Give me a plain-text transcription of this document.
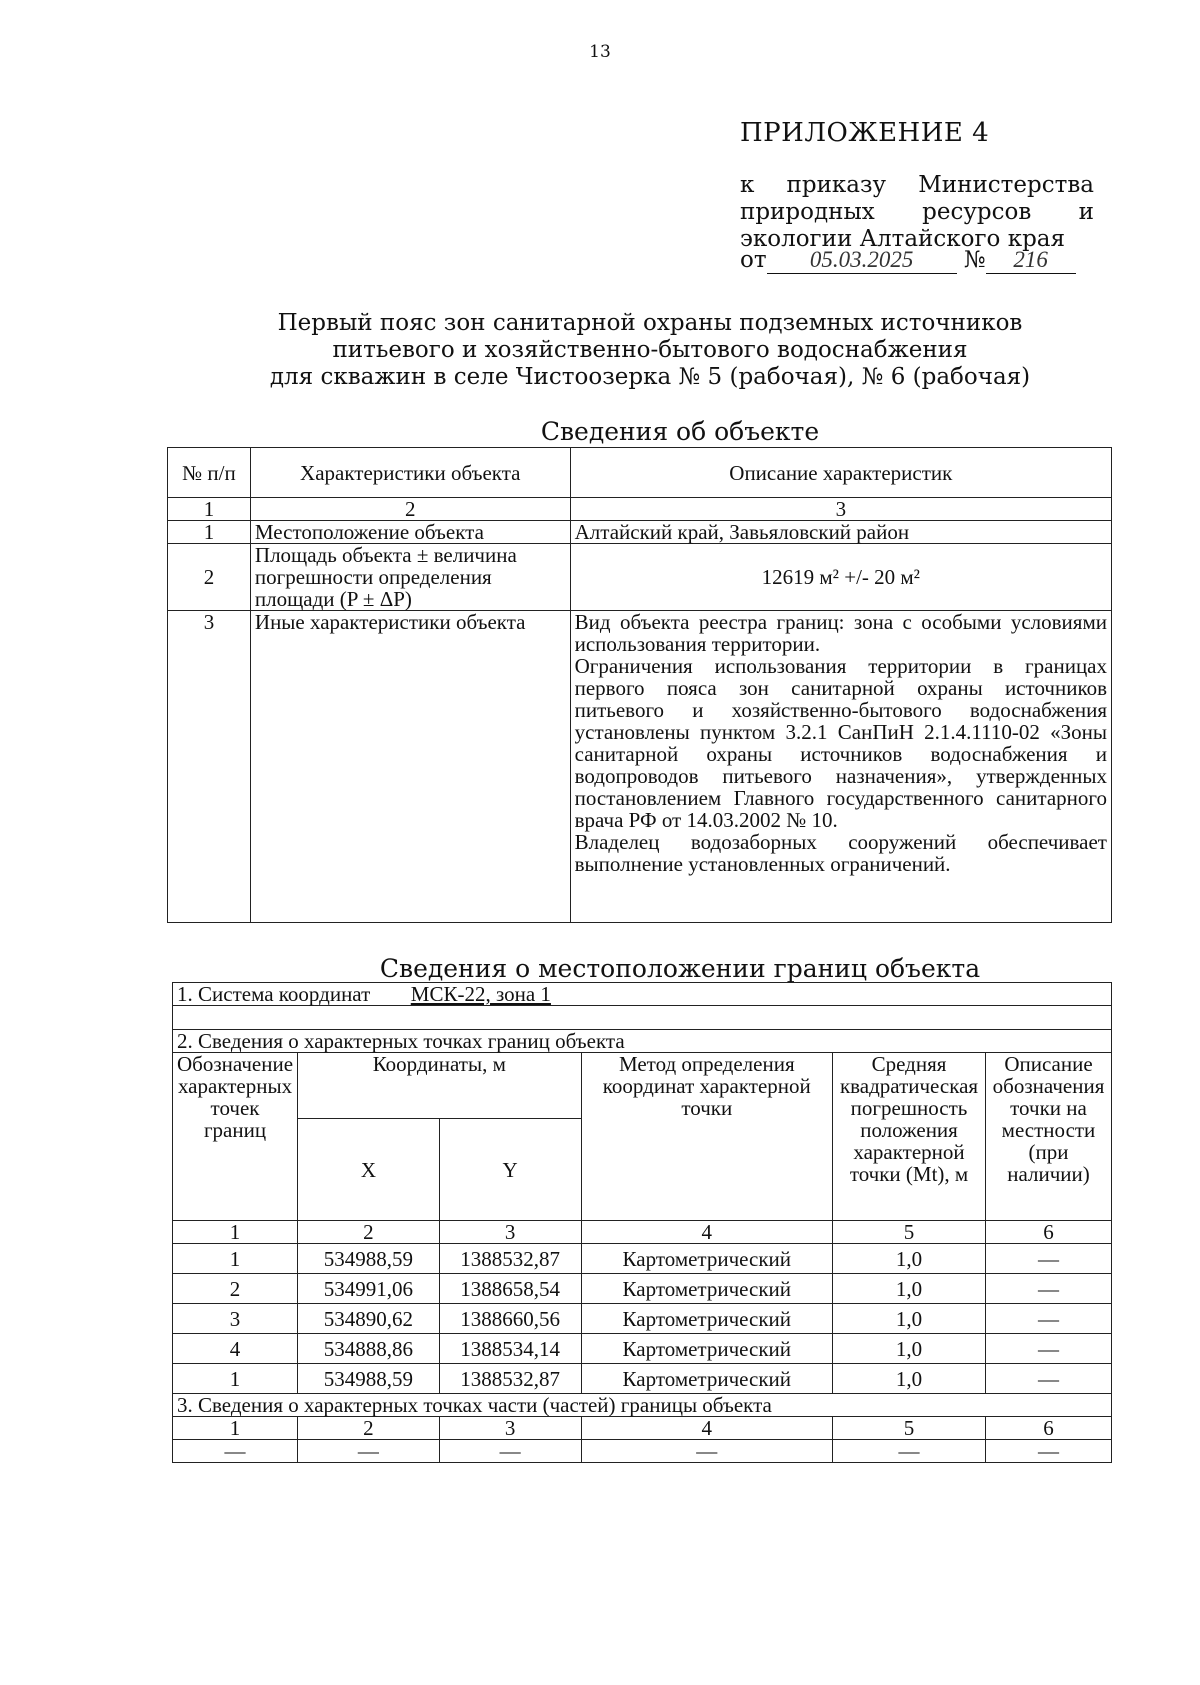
13
ПРИЛОЖЕНИЕ 4
к приказу Министерства природных ресурсов и экологии Алтайского края
от 05.03.2025 № 216
Первый пояс зон санитарной охраны подземных источников
питьевого и хозяйственно-бытового водоснабжения
для скважин в селе Чистоозерка № 5 (рабочая), № 6 (рабочая)
Сведения об объекте
№ п/п	Характеристики объекта	Описание характеристик
1	2	3
1	Местоположение объекта	Алтайский край, Завьяловский район
2	Площадь объекта ± величина погрешности определения площади (P ± ΔP)	12619 м² +/- 20 м²
3	Иные характеристики объекта	Вид объекта реестра границ: зона с особыми условиями использования территории.
Ограничения использования территории в границах первого пояса зон санитарной охраны источников питьевого и хозяйственно-бытового водоснабжения установлены пунктом 3.2.1 СанПиН 2.1.4.1110-02 «Зоны санитарной охраны источников водоснабжения и водопроводов питьевого назначения», утвержденных постановлением Главного государственного санитарного врача РФ от 14.03.2002 № 10.
Владелец водозаборных сооружений обеспечивает выполнение установленных ограничений.
Сведения о местоположении границ объекта
1. Система координат МСК-22, зона 1					

2. Сведения о характерных точках границ объекта					
Обозначение характерных точек границ	Координаты, м		Метод определения координат характерной точки	Средняя квадратическая погрешность положения характерной точки (Mt), м	Описание обозначения точки на местности (при наличии)
	X	Y			
1	2	3	4	5	6
1	534988,59	1388532,87	Картометрический	1,0	—
2	534991,06	1388658,54	Картометрический	1,0	—
3	534890,62	1388660,56	Картометрический	1,0	—
4	534888,86	1388534,14	Картометрический	1,0	—
1	534988,59	1388532,87	Картометрический	1,0	—
3. Сведения о характерных точках части (частей) границы объекта					
1	2	3	4	5	6
—	—	—	—	—	—
